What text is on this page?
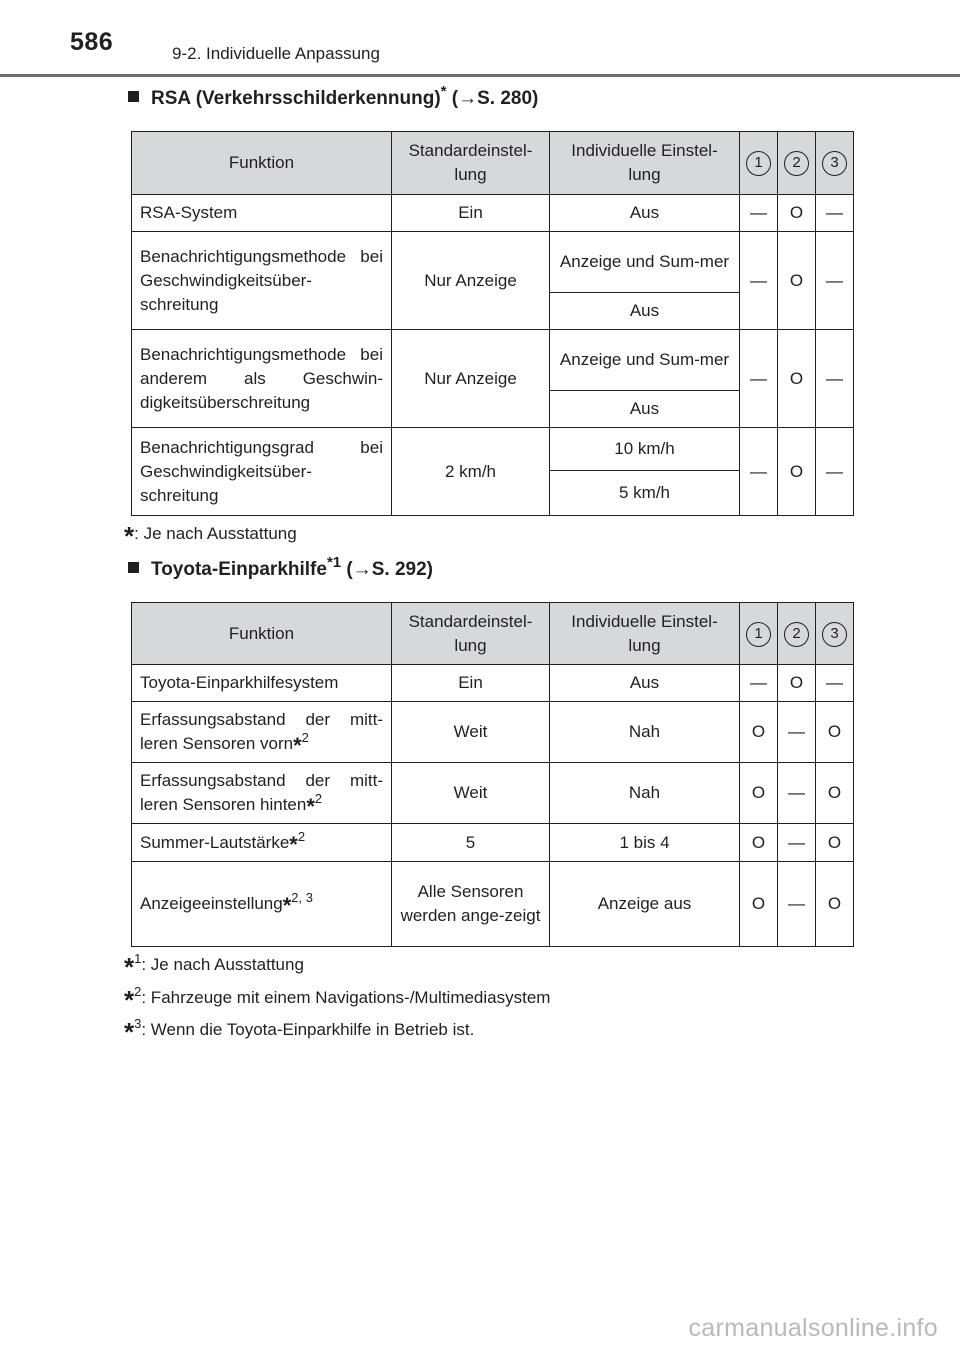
586	9-2. Individuelle Anpassung
RSA (Verkehrsschilderkennung)* (→S. 280)
Funktion	Standardeinstel-lung	Individuelle Einstel-lung	1	2	3
RSA-System	Ein	Aus	—	O	—
Benachrichtigungsmethode bei Geschwindigkeitsüber-schreitung	Nur Anzeige	Anzeige und Sum-mer	—	O	—
		Aus			
Benachrichtigungsmethode bei anderem als Geschwin-digkeitsüberschreitung	Nur Anzeige	Anzeige und Sum-mer	—	O	—
		Aus			
Benachrichtigungsgrad bei Geschwindigkeitsüber-schreitung	2 km/h	10 km/h	—	O	—
		5 km/h			
*: Je nach Ausstattung
Toyota-Einparkhilfe$^{*1}$ (→S. 292)
Funktion	Standardeinstel-lung	Individuelle Einstel-lung	1	2	3
Toyota-Einparkhilfesystem	Ein	Aus	—	O	—
Erfassungsabstand der mitt-leren Sensoren vorn*$^2$	Weit	Nah	O	—	O
Erfassungsabstand der mitt-leren Sensoren hinten*$^2$	Weit	Nah	O	—	O
Summer-Lautstärke*$^2$	5	1 bis 4	O	—	O
Anzeigeeinstellung*$^{2, 3}$	Alle Sensoren werden ange-zeigt	Anzeige aus	O	—	O
*$^1$: Je nach Ausstattung
*$^2$: Fahrzeuge mit einem Navigations-/Multimediasystem
*$^3$: Wenn die Toyota-Einparkhilfe in Betrieb ist.
carmanualsonline.info
